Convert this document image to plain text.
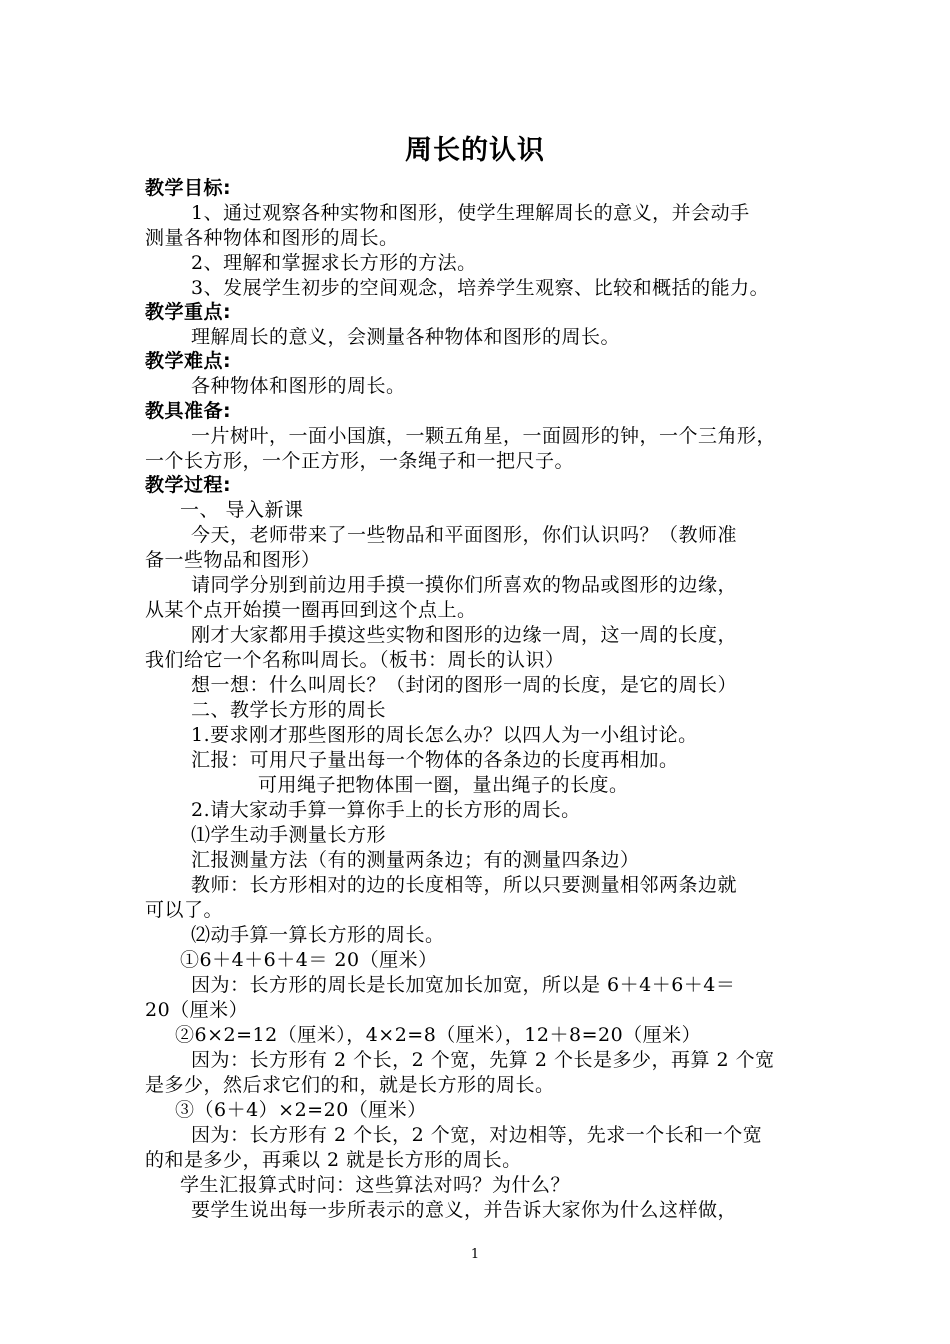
周长的认识
教学目标:
1、通过观察各种实物和图形，使学生理解周长的意义，并会动手
测量各种物体和图形的周长。
2、理解和掌握求长方形的方法。
3、发展学生初步的空间观念，培养学生观察、比较和概括的能力。
教学重点:
理解周长的意义，会测量各种物体和图形的周长。
教学难点:
各种物体和图形的周长。
教具准备:
一片树叶，一面小国旗，一颗五角星，一面圆形的钟，一个三角形，
一个长方形，一个正方形，一条绳子和一把尺子。
教学过程:
一、 导入新课
今天，老师带来了一些物品和平面图形，你们认识吗？（教师准
备一些物品和图形）
请同学分别到前边用手摸一摸你们所喜欢的物品或图形的边缘，
从某个点开始摸一圈再回到这个点上。
刚才大家都用手摸这些实物和图形的边缘一周，这一周的长度，
我们给它一个名称叫周长。（板书：周长的认识）
想一想：什么叫周长？（封闭的图形一周的长度，是它的周长）
二、教学长方形的周长
1.要求刚才那些图形的周长怎么办？以四人为一小组讨论。
汇报：可用尺子量出每一个物体的各条边的长度再相加。
可用绳子把物体围一圈，量出绳子的长度。
2.请大家动手算一算你手上的长方形的周长。
⑴学生动手测量长方形
汇报测量方法（有的测量两条边；有的测量四条边）
教师：长方形相对的边的长度相等，所以只要测量相邻两条边就
可以了。
⑵动手算一算长方形的周长。
①6＋4＋6＋4＝ 20（厘米）
因为：长方形的周长是长加宽加长加宽，所以是 6＋4＋6＋4＝
20（厘米）
②6×2=12（厘米），4×2=8（厘米），12＋8=20（厘米）
因为：长方形有 2 个长，2 个宽，先算 2 个长是多少，再算 2 个宽
是多少，然后求它们的和，就是长方形的周长。
③（6＋4）×2=20（厘米）
因为：长方形有 2 个长，2 个宽，对边相等，先求一个长和一个宽
的和是多少，再乘以 2 就是长方形的周长。
学生汇报算式时问：这些算法对吗？为什么？
要学生说出每一步所表示的意义，并告诉大家你为什么这样做，
1
